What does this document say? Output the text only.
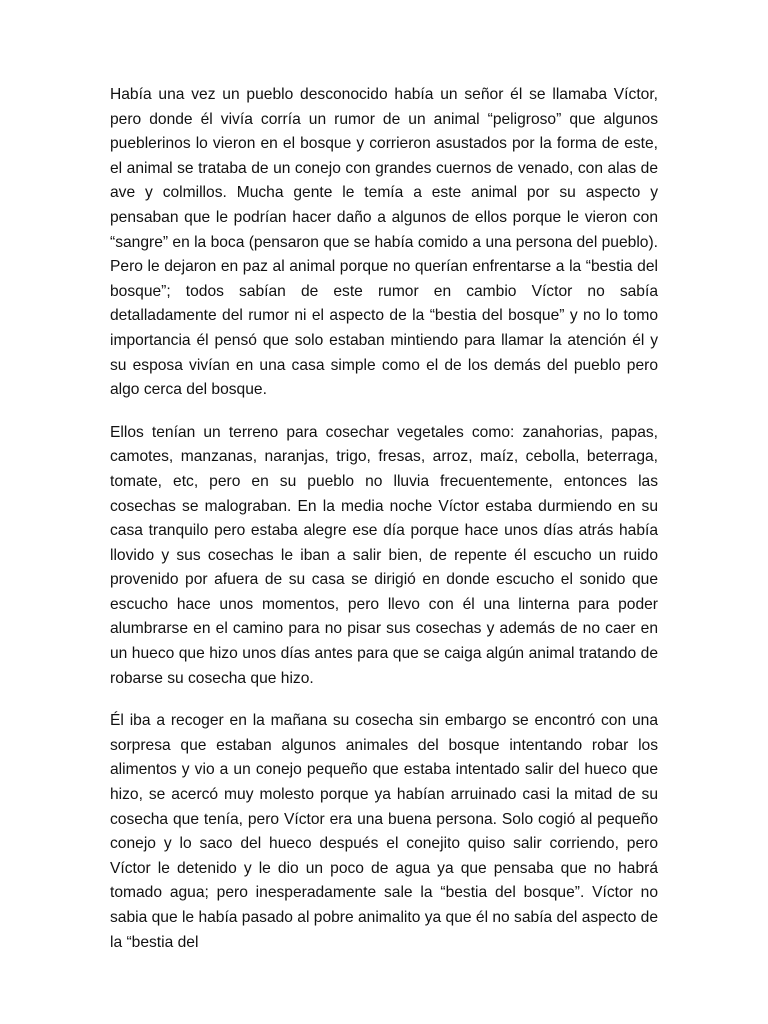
Había una vez un pueblo desconocido había un señor él se llamaba Víctor, pero donde él vivía corría un rumor de un animal “peligroso” que algunos pueblerinos lo vieron en el bosque y corrieron asustados por la forma de este, el animal se trataba de un conejo con grandes cuernos de venado, con alas de ave y colmillos. Mucha gente le temía a este animal por su aspecto y pensaban que le podrían hacer daño a algunos de ellos porque le vieron con “sangre” en la boca (pensaron que se había comido a una persona del pueblo). Pero le dejaron en paz al animal porque no querían enfrentarse a la “bestia del bosque”; todos sabían de este rumor en cambio Víctor no sabía detalladamente del rumor ni el aspecto de la “bestia del bosque” y no lo tomo importancia él pensó que solo estaban mintiendo para llamar la atención él y su esposa vivían en una casa simple como el de los demás del pueblo pero algo cerca del bosque.

Ellos tenían un terreno para cosechar vegetales como: zanahorias, papas, camotes, manzanas, naranjas, trigo, fresas, arroz, maíz, cebolla, beterraga, tomate, etc, pero en su pueblo no lluvia frecuentemente, entonces las cosechas se malograban. En la media noche Víctor estaba durmiendo en su casa tranquilo pero estaba alegre ese día porque hace unos días atrás había llovido y sus cosechas le iban a salir bien, de repente él escucho un ruido provenido por afuera de su casa se dirigió en donde escucho el sonido que escucho hace unos momentos, pero llevo con él una linterna para poder alumbrarse en el camino para no pisar sus cosechas y además de no caer en un hueco que hizo unos días antes para que se caiga algún animal tratando de robarse su cosecha que hizo.

Él iba a recoger en la mañana su cosecha sin embargo se encontró con una sorpresa que estaban algunos animales del bosque intentando robar los alimentos y vio a un conejo pequeño que estaba intentado salir del hueco que hizo, se acercó muy molesto porque ya habían arruinado casi la mitad de su cosecha que tenía, pero Víctor era una buena persona. Solo cogió al pequeño conejo y lo saco del hueco después el conejito quiso salir corriendo, pero Víctor le detenido y le dio un poco de agua ya que pensaba que no habrá tomado agua; pero inesperadamente sale la “bestia del bosque”. Víctor no sabia que le había pasado al pobre animalito ya que él no sabía del aspecto de la “bestia del
